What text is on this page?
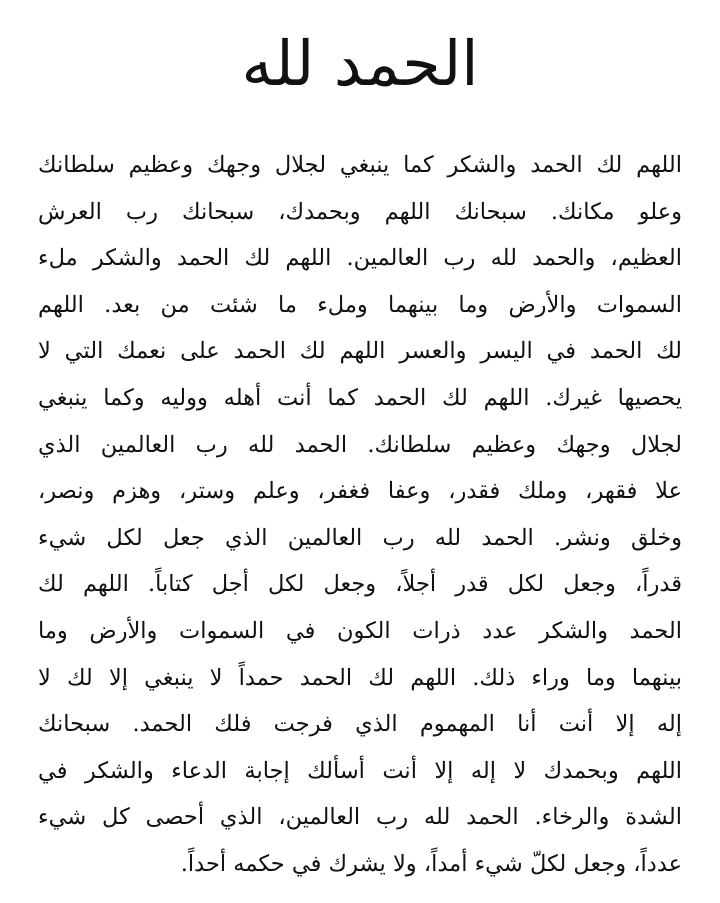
الحمد لله
اللهم لك الحمد والشكر كما ينبغي لجلال وجهك وعظيم سلطانك
وعلو مكانك. سبحانك اللهم وبحمدك، سبحانك رب العرش
العظيم، والحمد لله رب العالمين. اللهم لك الحمد والشكر ملء
السموات والأرض وما بينهما وملء ما شئت من بعد. اللهم
لك الحمد في اليسر والعسر اللهم لك الحمد على نعمك التي لا
يحصيها غيرك. اللهم لك الحمد كما أنت أهله ووليه وكما ينبغي
لجلال وجهك وعظيم سلطانك. الحمد لله رب العالمين الذي
علا فقهر، وملك فقدر، وعفا فغفر، وعلم وستر، وهزم ونصر،
وخلق ونشر. الحمد لله رب العالمين الذي جعل لكل شيء
قدراً، وجعل لكل قدر أجلاً، وجعل لكل أجل كتاباً. اللهم لك
الحمد والشكر عدد ذرات الكون في السموات والأرض وما
بينهما وما وراء ذلك. اللهم لك الحمد حمداً لا ينبغي إلا لك لا
إله إلا أنت أنا المهموم الذي فرجت فلك الحمد. سبحانك
اللهم وبحمدك لا إله إلا أنت أسألك إجابة الدعاء والشكر في
الشدة والرخاء. الحمد لله رب العالمين، الذي أحصى كل شيء
عدداً، وجعل لكلّ شيء أمداً، ولا يشرك في حكمه أحداً.
